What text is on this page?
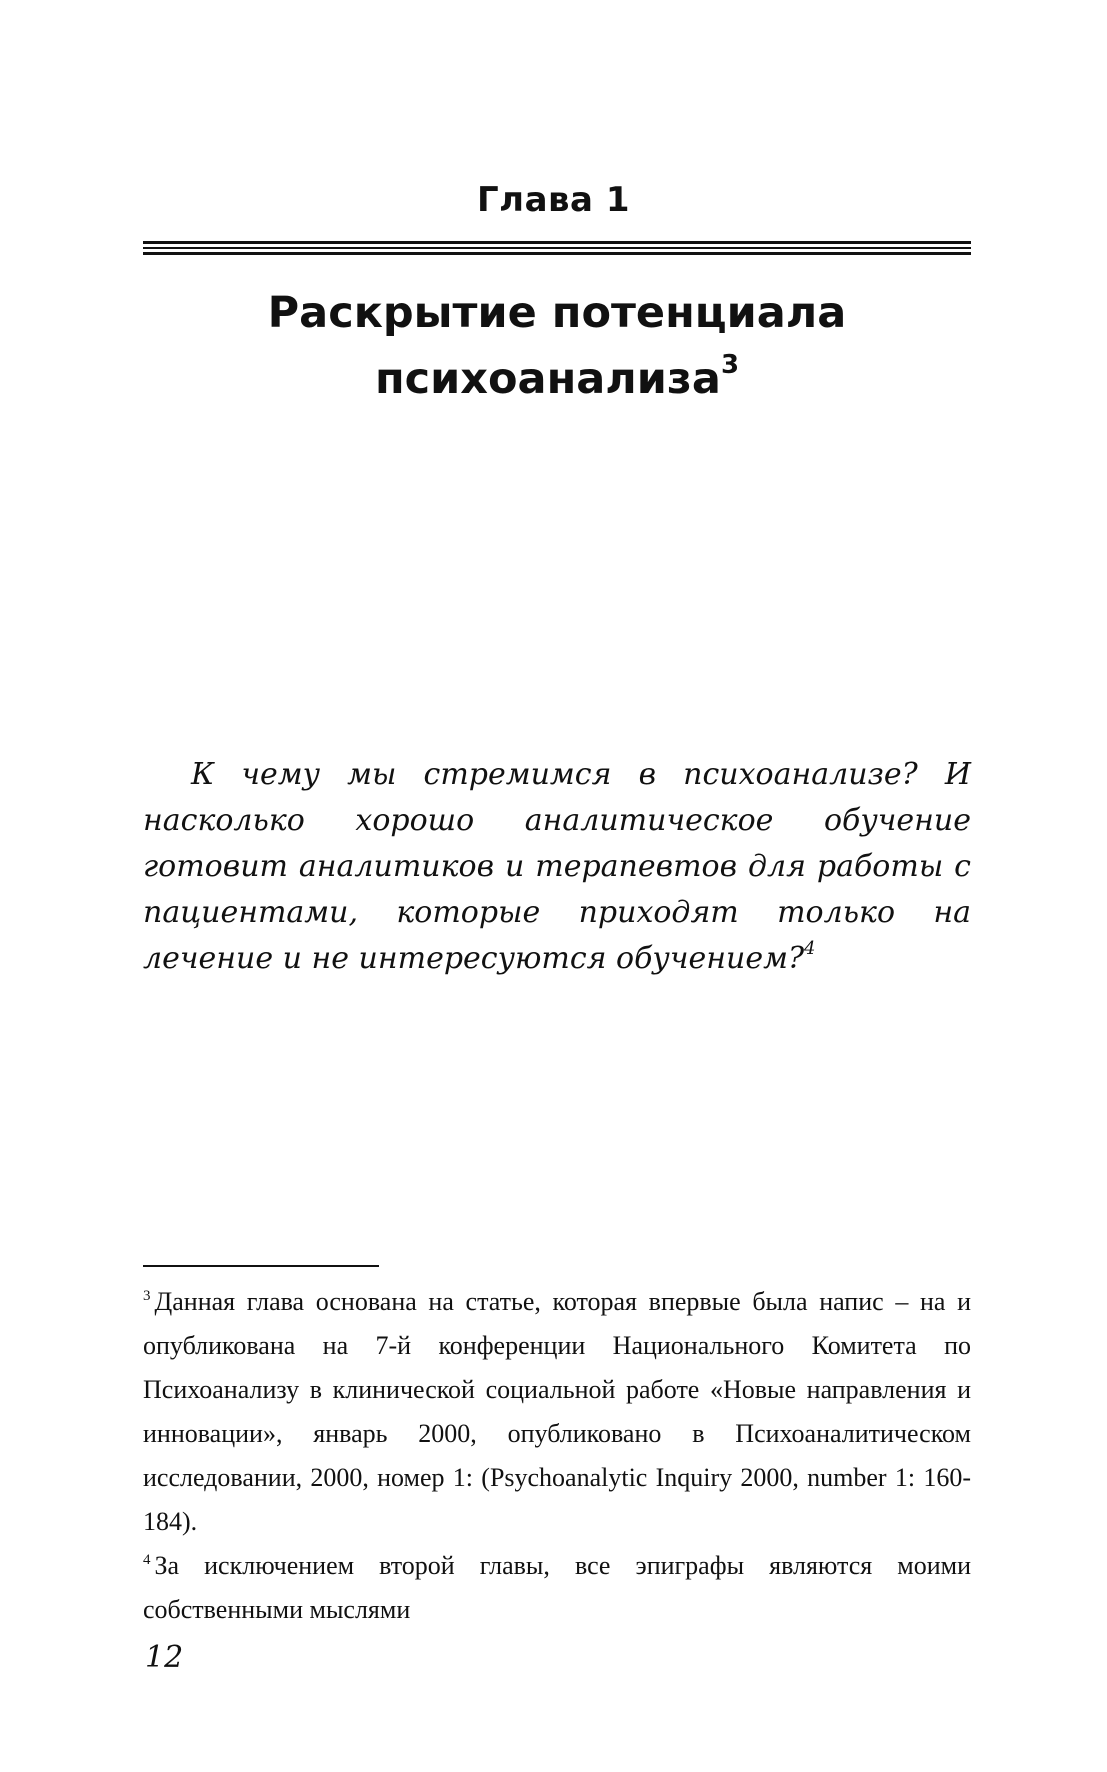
Глава 1
Раскрытие потенциала
психоанализа$^3$
К чему мы стремимся в психоанализе? И насколько хорошо аналитическое обучение готовит аналитиков и терапевтов для работы с пациентами, которые приходят только на лечение и не интересуются обучением?$^4$

$^3$ Данная глава основана на статье, которая впервые была напис – на и опубликована на 7-й конференции Национального Комитета по Психоанализу в клинической социальной работе «Новые направления и инновации», январь 2000, опубликовано в Психоаналитическом исследовании, 2000, номер 1: (Psychoanalytic Inquiry 2000, number 1: 160-184).

$^4$ За исключением второй главы, все эпиграфы являются моими собственными мыслями

12
